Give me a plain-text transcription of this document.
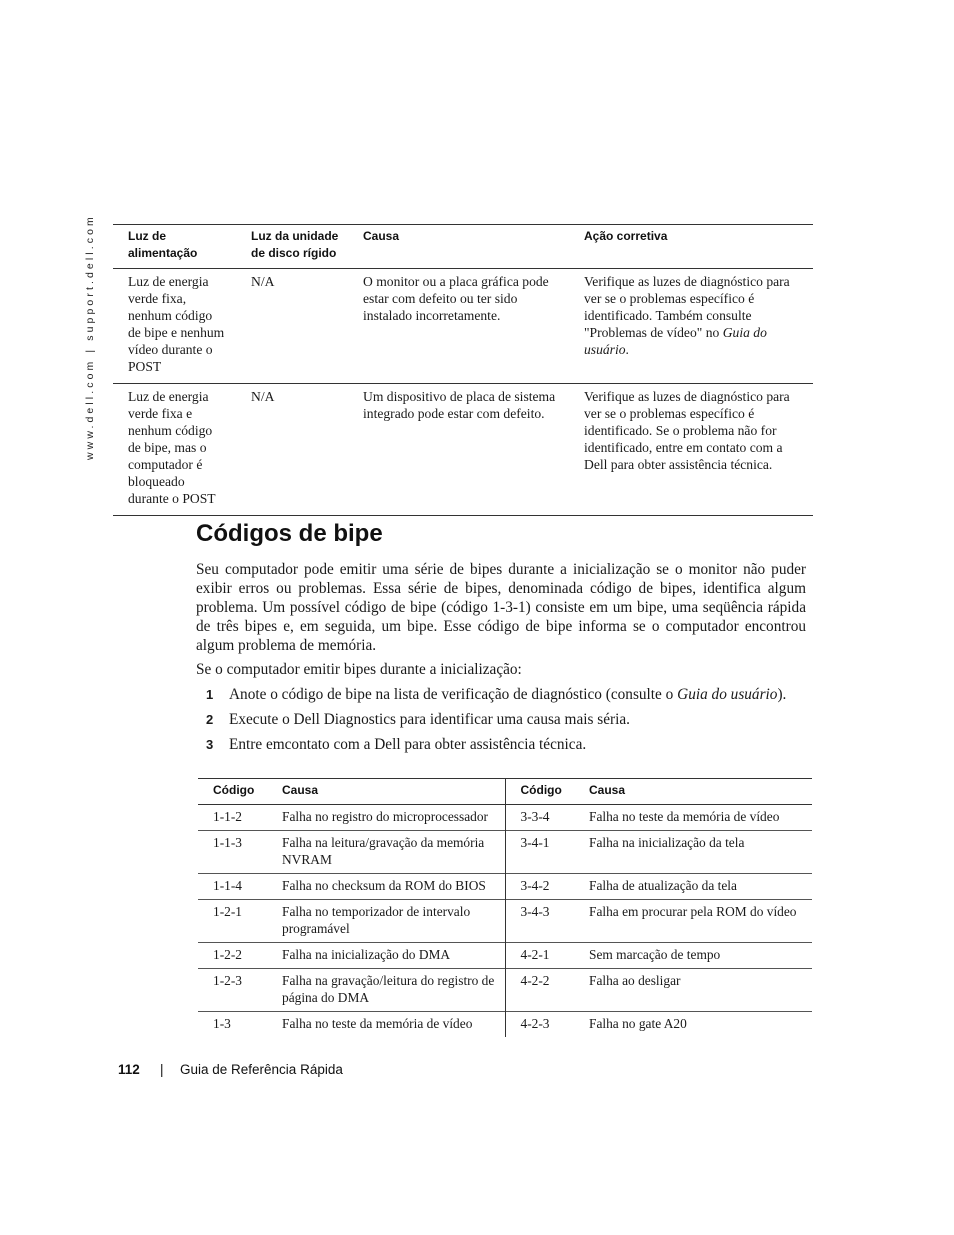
www.dell.com | support.dell.com	Luz de alimentação	Luz da unidade de disco rígido	Causa	Ação corretiva
Luz de energia verde fixa, nenhum código de bipe e nenhum vídeo durante o POST	N/A	O monitor ou a placa gráfica pode estar com defeito ou ter sido instalado incorretamente.	Verifique as luzes de diagnóstico para ver se o problemas específico é identificado. Também consulte "Problemas de vídeo" no Guia do usuário.
Luz de energia verde fixa e nenhum código de bipe, mas o computador é bloqueado durante o POST	N/A	Um dispositivo de placa de sistema integrado pode estar com defeito.	Verifique as luzes de diagnóstico para ver se o problemas específico é identificado. Se o problema não for identificado, entre em contato com a Dell para obter assistência técnica.
Códigos de bipe

Seu computador pode emitir uma série de bipes durante a inicialização se o monitor não puder exibir erros ou problemas. Essa série de bipes, denominada código de bipes, identifica algum problema. Um possível código de bipe (código 1-3-1) consiste em um bipe, uma seqüência rápida de três bipes e, em seguida, um bipe. Esse código de bipe informa se o computador encontrou algum problema de memória.

Se o computador emitir bipes durante a inicialização:

1 Anote o código de bipe na lista de verificação de diagnóstico (consulte o Guia do usuário).

2 Execute o Dell Diagnostics para identificar uma causa mais séria.

3 Entre emcontato com a Dell para obter assistência técnica.

Código	Causa	Código	Causa
1-1-2	Falha no registro do microprocessador	3-3-4	Falha no teste da memória de vídeo
1-1-3	Falha na leitura/gravação da memória NVRAM	3-4-1	Falha na inicialização da tela
1-1-4	Falha no checksum da ROM do BIOS	3-4-2	Falha de atualização da tela
1-2-1	Falha no temporizador de intervalo programável	3-4-3	Falha em procurar pela ROM do vídeo
1-2-2	Falha na inicialização do DMA	4-2-1	Sem marcação de tempo
1-2-3	Falha na gravação/leitura do registro de página do DMA	4-2-2	Falha ao desligar
1-3	Falha no teste da memória de vídeo	4-2-3	Falha no gate A20
112 | Guia de Referência Rápida
